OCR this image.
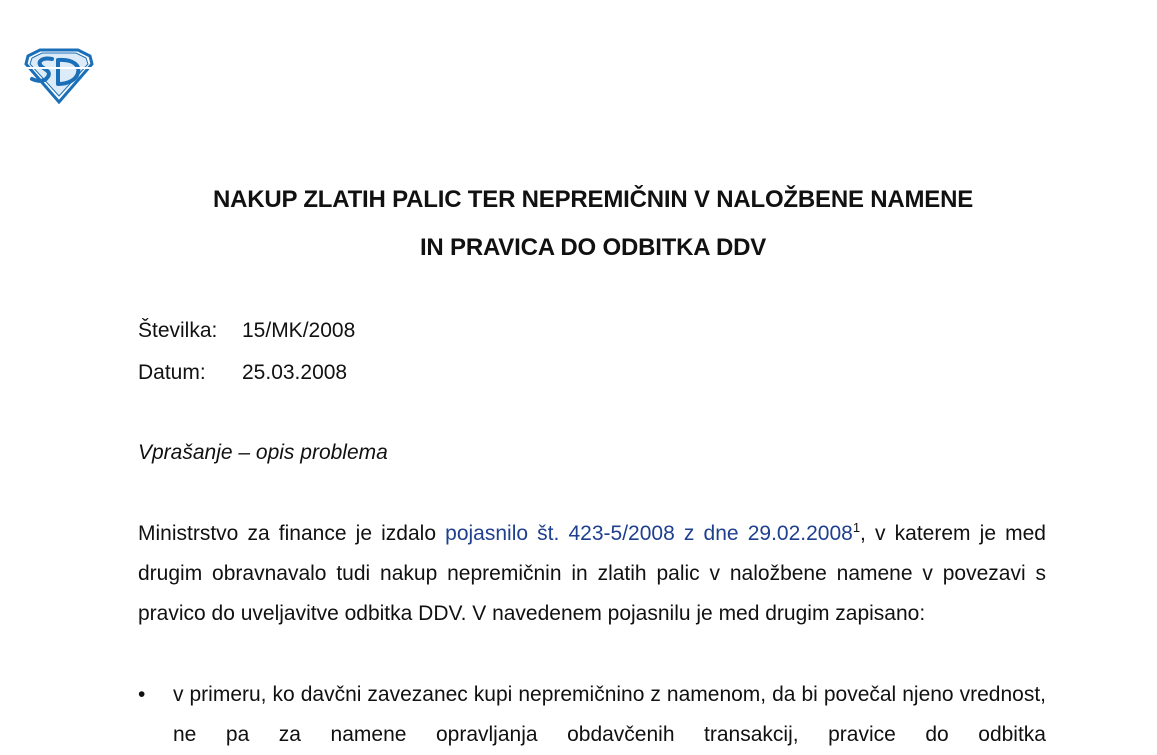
NAKUP ZLATIH PALIC TER NEPREMIČNIN V NALOŽBENE NAMENE
IN PRAVICA DO ODBITKA DDV
Številka: 15/MK/2008
Datum: 25.03.2008
Vprašanje – opis problema
Ministrstvo za finance je izdalo pojasnilo št. 423-5/2008 z dne 29.02.2008$^1$, v katerem je med drugim obravnavalo tudi nakup nepremičnin in zlatih palic v naložbene namene v povezavi s pravico do uveljavitve odbitka DDV. V navedenem pojasnilu je med drugim zapisano:
•	v primeru, ko davčni zavezanec kupi nepremičnino z namenom, da bi povečal njeno vrednost, ne pa za namene opravljanja obdavčenih transakcij, pravice do odbitka
